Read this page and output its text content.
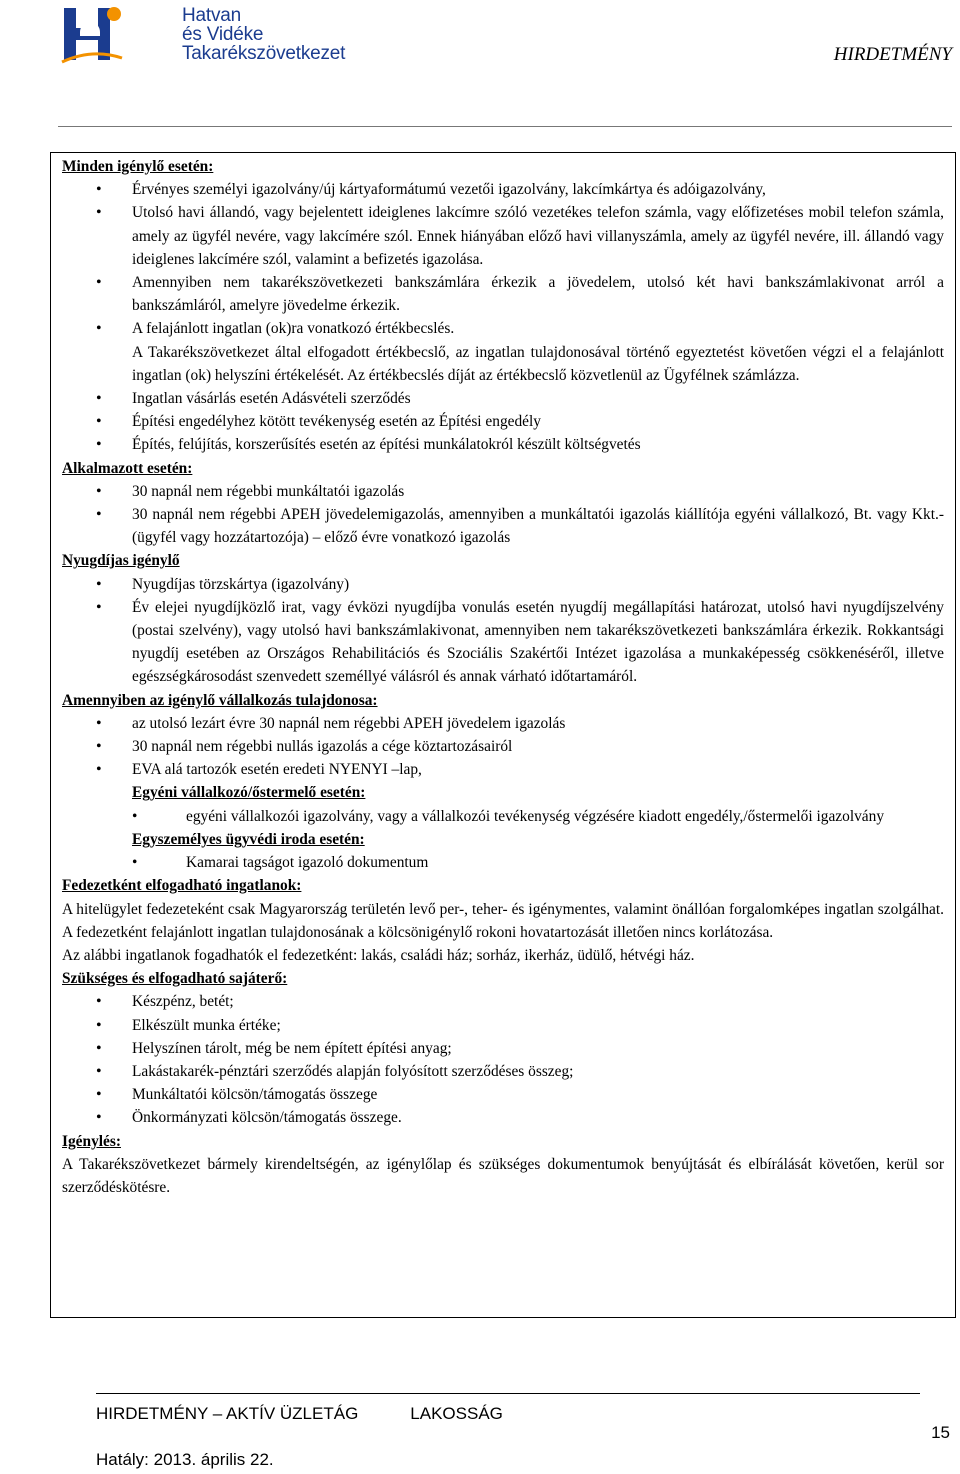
Hatvan
és Vidéke
Takarékszövetkezet	HIRDETMÉNY
Minden igénylő esetén:
• Érvényes személyi igazolvány/új kártyaformátumú vezetői igazolvány, lakcímkártya és adóigazolvány,
• Utolsó havi állandó, vagy bejelentett ideiglenes lakcímre szóló vezetékes telefon számla, vagy előfizetéses mobil telefon számla, amely az ügyfél nevére, vagy lakcímére szól. Ennek hiányában előző havi villanyszámla, amely az ügyfél nevére, ill. állandó vagy ideiglenes lakcímére szól, valamint a befizetés igazolása.
• Amennyiben nem takarékszövetkezeti bankszámlára érkezik a jövedelem, utolsó két havi bankszámlakivonat arról a bankszámláról, amelyre jövedelme érkezik.
• A felajánlott ingatlan (ok)ra vonatkozó értékbecslés.
A Takarékszövetkezet által elfogadott értékbecslő, az ingatlan tulajdonosával történő egyeztetést követően végzi el a felajánlott ingatlan (ok) helyszíni értékelését. Az értékbecslés díját az értékbecslő közvetlenül az Ügyfélnek számlázza.
• Ingatlan vásárlás esetén Adásvételi szerződés
• Építési engedélyhez kötött tevékenység esetén az Építési engedély
• Építés, felújítás, korszerűsítés esetén az építési munkálatokról készült költségvetés
Alkalmazott esetén:
• 30 napnál nem régebbi munkáltatói igazolás
• 30 napnál nem régebbi APEH jövedelemigazolás, amennyiben a munkáltatói igazolás kiállítója egyéni vállalkozó, Bt. vagy Kkt.-(ügyfél vagy hozzátartozója) – előző évre vonatkozó igazolás
Nyugdíjas igénylő
• Nyugdíjas törzskártya (igazolvány)
• Év elejei nyugdíjközlő irat, vagy évközi nyugdíjba vonulás esetén nyugdíj megállapítási határozat, utolsó havi nyugdíjszelvény (postai szelvény), vagy utolsó havi bankszámlakivonat, amennyiben nem takarékszövetkezeti bankszámlára érkezik. Rokkantsági nyugdíj esetében az Országos Rehabilitációs és Szociális Szakértői Intézet igazolása a munkaképesség csökkenéséről, illetve egészségkárosodást szenvedett személlyé válásról és annak várható időtartamáról.
Amennyiben az igénylő vállalkozás tulajdonosa:
• az utolsó lezárt évre 30 napnál nem régebbi APEH jövedelem igazolás
• 30 napnál nem régebbi nullás igazolás a cége köztartozásairól
• EVA alá tartozók esetén eredeti NYENYI –lap,
Egyéni vállalkozó/őstermelő esetén:
•	egyéni vállalkozói igazolvány, vagy a vállalkozói tevékenység végzésére kiadott engedély,/őstermelői igazolvány
Egyszemélyes ügyvédi iroda esetén:
•	Kamarai tagságot igazoló dokumentum
Fedezetként elfogadható ingatlanok:

A hitelügylet fedezeteként csak Magyarország területén levő per-, teher- és igénymentes, valamint önállóan forgalomképes ingatlan szolgálhat. A fedezetként felajánlott ingatlan tulajdonosának a kölcsönigénylő rokoni hovatartozását illetően nincs korlátozása.

Az alábbi ingatlanok fogadhatók el fedezetként: lakás, családi ház; sorház, ikerház, üdülő, hétvégi ház.

Szükséges és elfogadható sajáterő:
• Készpénz, betét;
• Elkészült munka értéke;
• Helyszínen tárolt, még be nem épített építési anyag;
• Lakástakarék-pénztári szerződés alapján folyósított szerződéses összeg;
• Munkáltatói kölcsön/támogatás összege
• Önkormányzati kölcsön/támogatás összege.
Igénylés:

A Takarékszövetkezet bármely kirendeltségén, az igénylőlap és szükséges dokumentumok benyújtását és elbírálását követően, kerül sor szerződéskötésre.

HIRDETMÉNY – AKTÍV ÜZLETÁG	LAKOSSÁG
Hatály: 2013. április 22.
15
